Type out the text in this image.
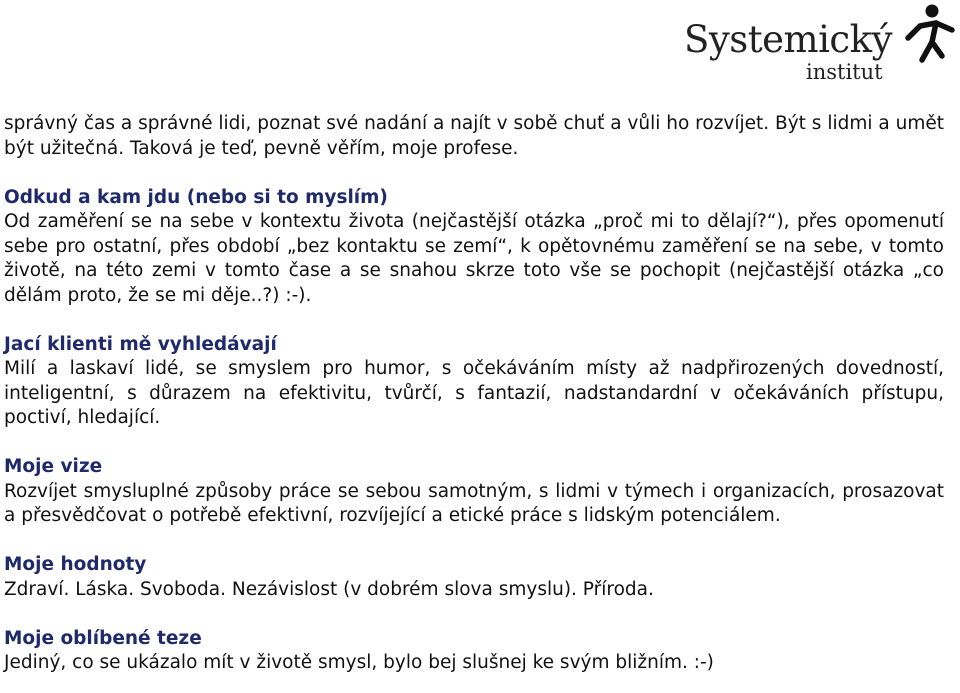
Systemický
institut

správný čas a správné lidi, poznat své nadání a najít v sobě chuť a vůli ho rozvíjet. Být s lidmi a umět být užitečná. Taková je teď, pevně věřím, moje profese.

Odkud a kam jdu (nebo si to myslím)

Od zaměření se na sebe v kontextu života (nejčastější otázka „proč mi to dělají?“), přes opomenutí sebe pro ostatní, přes období „bez kontaktu se zemí“, k opětovnému zaměření se na sebe, v tomto životě, na této zemi v tomto čase a se snahou skrze toto vše se pochopit (nejčastější otázka „co dělám proto, že se mi děje..?) :-).

Jací klienti mě vyhledávají

Milí a laskaví lidé, se smyslem pro humor, s očekáváním místy až nadpřirozených dovedností, inteligentní, s důrazem na efektivitu, tvůrčí, s fantazií, nadstandardní v očekáváních přístupu, poctiví, hledající.

Moje vize

Rozvíjet smysluplné způsoby práce se sebou samotným, s lidmi v týmech i organizacích, prosazovat a přesvědčovat o potřebě efektivní, rozvíjející a etické práce s lidským potenciálem.

Moje hodnoty

Zdraví. Láska. Svoboda. Nezávislost (v dobrém slova smyslu). Příroda.

Moje oblíbené teze

Jediný, co se ukázalo mít v životě smysl, bylo bej slušnej ke svým bližním. :-)
